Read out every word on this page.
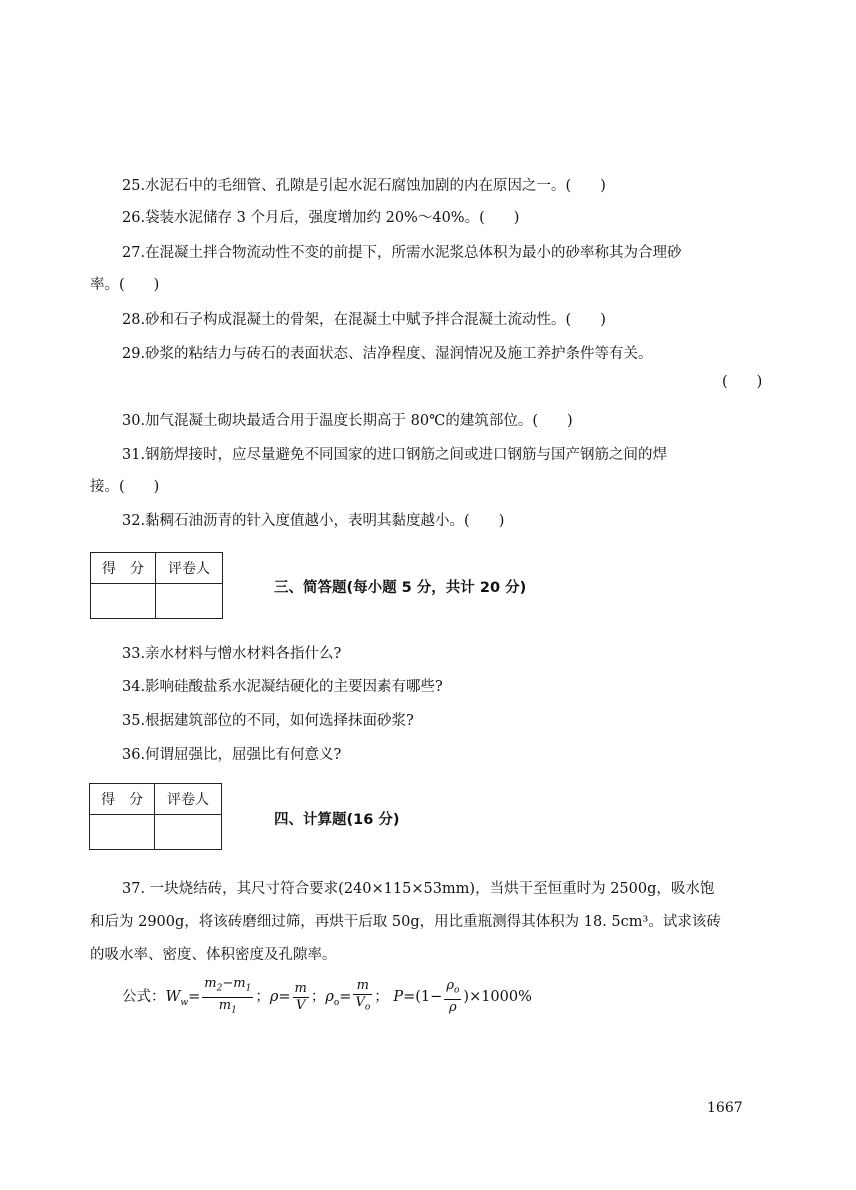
25.水泥石中的毛细管、孔隙是引起水泥石腐蚀加剧的内在原因之一。(  )
26.袋装水泥储存 3 个月后，强度增加约 20%～40%。(  )
27.在混凝土拌合物流动性不变的前提下，所需水泥浆总体积为最小的砂率称其为合理砂
率。(  )
28.砂和石子构成混凝土的骨架，在混凝土中赋予拌合混凝土流动性。(  )
29.砂浆的粘结力与砖石的表面状态、洁净程度、湿润情况及施工养护条件等有关。
(  )
30.加气混凝土砌块最适合用于温度长期高于 80℃的建筑部位。(  )
31.钢筋焊接时，应尽量避免不同国家的进口钢筋之间或进口钢筋与国产钢筋之间的焊
接。(  )
32.黏稠石油沥青的针入度值越小，表明其黏度越小。(  )
得 分	评卷人

三、简答题(每小题 5 分，共计 20 分)
33.亲水材料与憎水材料各指什么?
34.影响硅酸盐系水泥凝结硬化的主要因素有哪些?
35.根据建筑部位的不同，如何选择抹面砂浆?
36.何谓屈强比，屈强比有何意义?
得 分	评卷人

四、计算题(16 分)
37. 一块烧结砖，其尺寸符合要求(240×115×53mm)，当烘干至恒重时为 2500g，吸水饱
和后为 2900g，将该砖磨细过筛，再烘干后取 50g，用比重瓶测得其体积为 18. 5cm³。试求该砖
的吸水率、密度、体积密度及孔隙率。
公式：$W_w= \frac{m_2-m_1}{m_1}$ ；$\rho= \frac{m}{V}$ ；$\rho_o= \frac{m}{V_o}$ ； $P=(1- \frac{\rho_o}{\rho} )\times 1000\%$
1667
